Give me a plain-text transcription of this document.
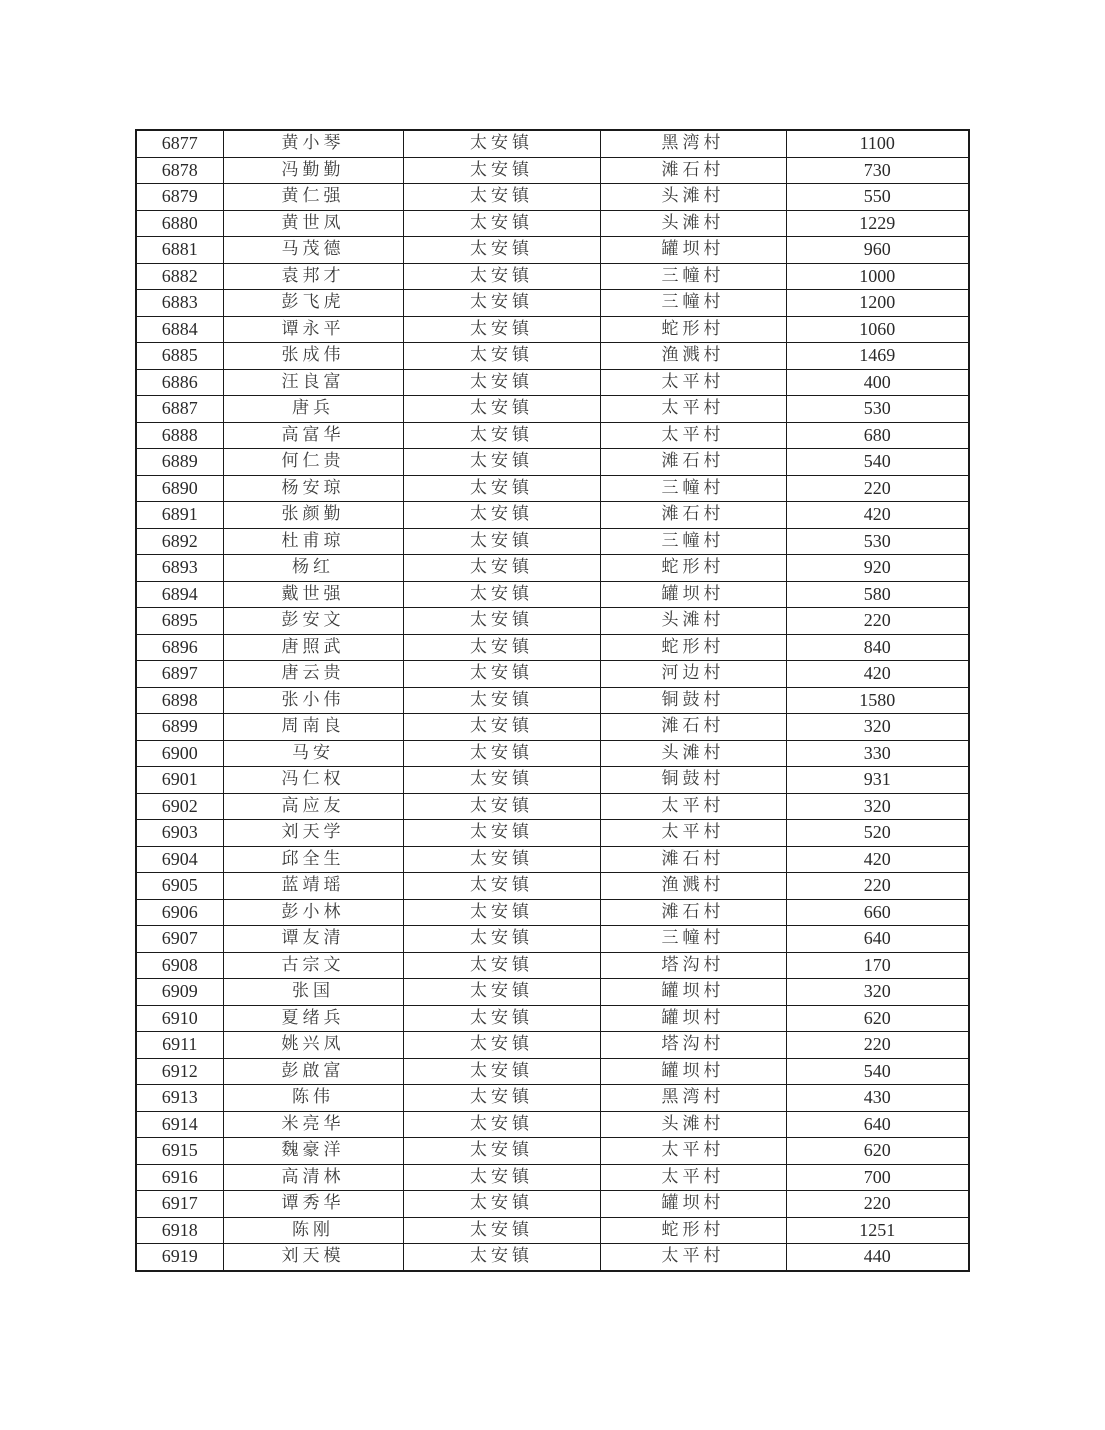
6877	黄小琴	太安镇	黑湾村	1100
6878	冯勤勤	太安镇	滩石村	730
6879	黄仁强	太安镇	头滩村	550
6880	黄世凤	太安镇	头滩村	1229
6881	马茂德	太安镇	罐坝村	960
6882	袁邦才	太安镇	三幢村	1000
6883	彭飞虎	太安镇	三幢村	1200
6884	谭永平	太安镇	蛇形村	1060
6885	张成伟	太安镇	渔溅村	1469
6886	汪良富	太安镇	太平村	400
6887	唐兵	太安镇	太平村	530
6888	高富华	太安镇	太平村	680
6889	何仁贵	太安镇	滩石村	540
6890	杨安琼	太安镇	三幢村	220
6891	张颜勤	太安镇	滩石村	420
6892	杜甫琼	太安镇	三幢村	530
6893	杨红	太安镇	蛇形村	920
6894	戴世强	太安镇	罐坝村	580
6895	彭安文	太安镇	头滩村	220
6896	唐照武	太安镇	蛇形村	840
6897	唐云贵	太安镇	河边村	420
6898	张小伟	太安镇	铜鼓村	1580
6899	周南良	太安镇	滩石村	320
6900	马安	太安镇	头滩村	330
6901	冯仁权	太安镇	铜鼓村	931
6902	高应友	太安镇	太平村	320
6903	刘天学	太安镇	太平村	520
6904	邱全生	太安镇	滩石村	420
6905	蓝靖瑶	太安镇	渔溅村	220
6906	彭小林	太安镇	滩石村	660
6907	谭友清	太安镇	三幢村	640
6908	古宗文	太安镇	塔沟村	170
6909	张国	太安镇	罐坝村	320
6910	夏绪兵	太安镇	罐坝村	620
6911	姚兴凤	太安镇	塔沟村	220
6912	彭啟富	太安镇	罐坝村	540
6913	陈伟	太安镇	黑湾村	430
6914	米亮华	太安镇	头滩村	640
6915	魏豪洋	太安镇	太平村	620
6916	高清林	太安镇	太平村	700
6917	谭秀华	太安镇	罐坝村	220
6918	陈刚	太安镇	蛇形村	1251
6919	刘天模	太安镇	太平村	440
